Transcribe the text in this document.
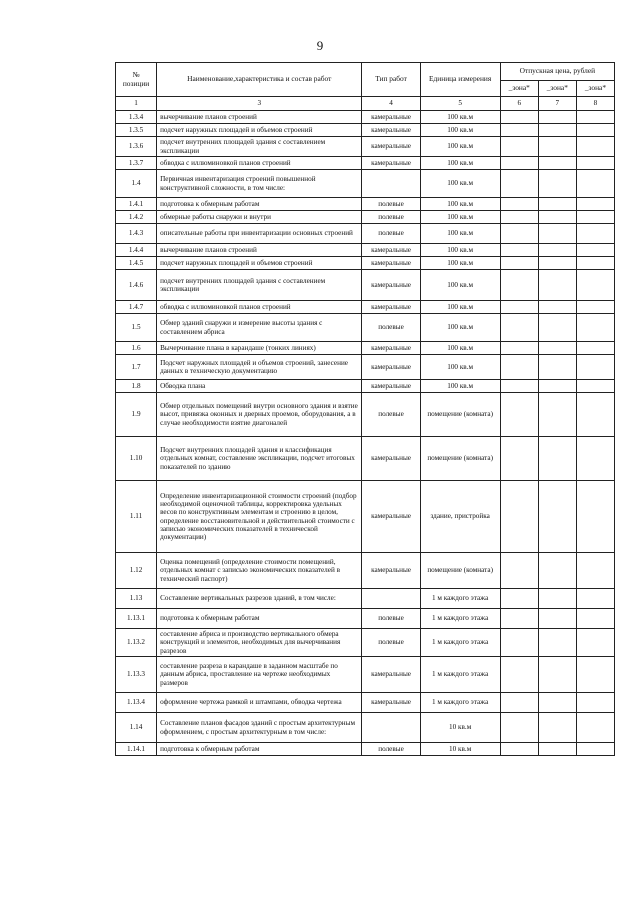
9
№ позиции	Наименование,характеристика и состав работ	Тип работ	Единица измерения	Отпускная цена, рублей		
				_зона*	_зона*	_зона*
1	3	4	5	6	7	8
1.3.4	вычерчивание планов строений	камеральные	100 кв.м			
1.3.5	подсчет наружных площадей и объемов строений	камеральные	100 кв.м			
1.3.6	подсчет внутренних площадей здания с составлением экспликации	камеральные	100 кв.м			
1.3.7	обводка с иллюминовкой планов строений	камеральные	100 кв.м			
1.4	Первичная инвентаризация строений повышенной конструктивной сложности, в том числе:		100 кв.м			
1.4.1	подготовка к обмерным работам	полевые	100 кв.м			
1.4.2	обмерные работы снаружи и внутри	полевые	100 кв.м			
1.4.3	описательные работы при инвентаризации основных строений	полевые	100 кв.м			
1.4.4	вычерчивание планов строений	камеральные	100 кв.м			
1.4.5	подсчет наружных площадей и объемов строений	камеральные	100 кв.м			
1.4.6	подсчет внутренних площадей здания с составлением экспликации	камеральные	100 кв.м			
1.4.7	обводка с иллюминовкой планов строений	камеральные	100 кв.м			
1.5	Обмер зданий снаружи и измерение высоты здания с составлением абриса	полевые	100 кв.м			
1.6	Вычерчивание плана в карандаше (тонких линиях)	камеральные	100 кв.м			
1.7	Подсчет наружных площадей и объемов строений, занесение данных в техническую документацию	камеральные	100 кв.м			
1.8	Обводка плана	камеральные	100 кв.м			
1.9	Обмер отдельных помещений внутри основного здания и взятие высот, привязка оконных и дверных проемов, оборудования, а в случае необходимости взятие диагоналей	полевые	помещение (комната)			
1.10	Подсчет внутренних площадей здания и классификация отдельных комнат, составление экспликации, подсчет итоговых показателей по зданию	камеральные	помещение (комната)			
1.11	Определение инвентаризационной стоимости строений (подбор необходимой оценочной таблицы, корректировка удельных весов по конструктивным элементам и строению в целом, определение восстановительной и действительной стоимости с записью экономических показателей в технической документации)	камеральные	здание, пристройка			
1.12	Оценка помещений (определение стоимости помещений, отдельных комнат с записью экономических показателей в технический паспорт)	камеральные	помещение (комната)			
1.13	Составление вертикальных разрезов зданий, в том числе:		1 м каждого этажа			
1.13.1	подготовка к обмерным работам	полевые	1 м каждого этажа			
1.13.2	составление абриса и производство вертикального обмера конструкций и элементов, необходимых для вычерчивания разрезов	полевые	1 м каждого этажа			
1.13.3	составление разреза в карандаше в заданном масштабе по данным абриса, проставление на чертеже необходимых размеров	камеральные	1 м каждого этажа			
1.13.4	оформление чертежа рамкой и штампами, обводка чертежа	камеральные	1 м каждого этажа			
1.14	Составление планов фасадов зданий с простым архитектурным оформлением, с простым архитектурным в том числе:		10 кв.м			
1.14.1	подготовка к обмерным работам	полевые	10 кв.м			
